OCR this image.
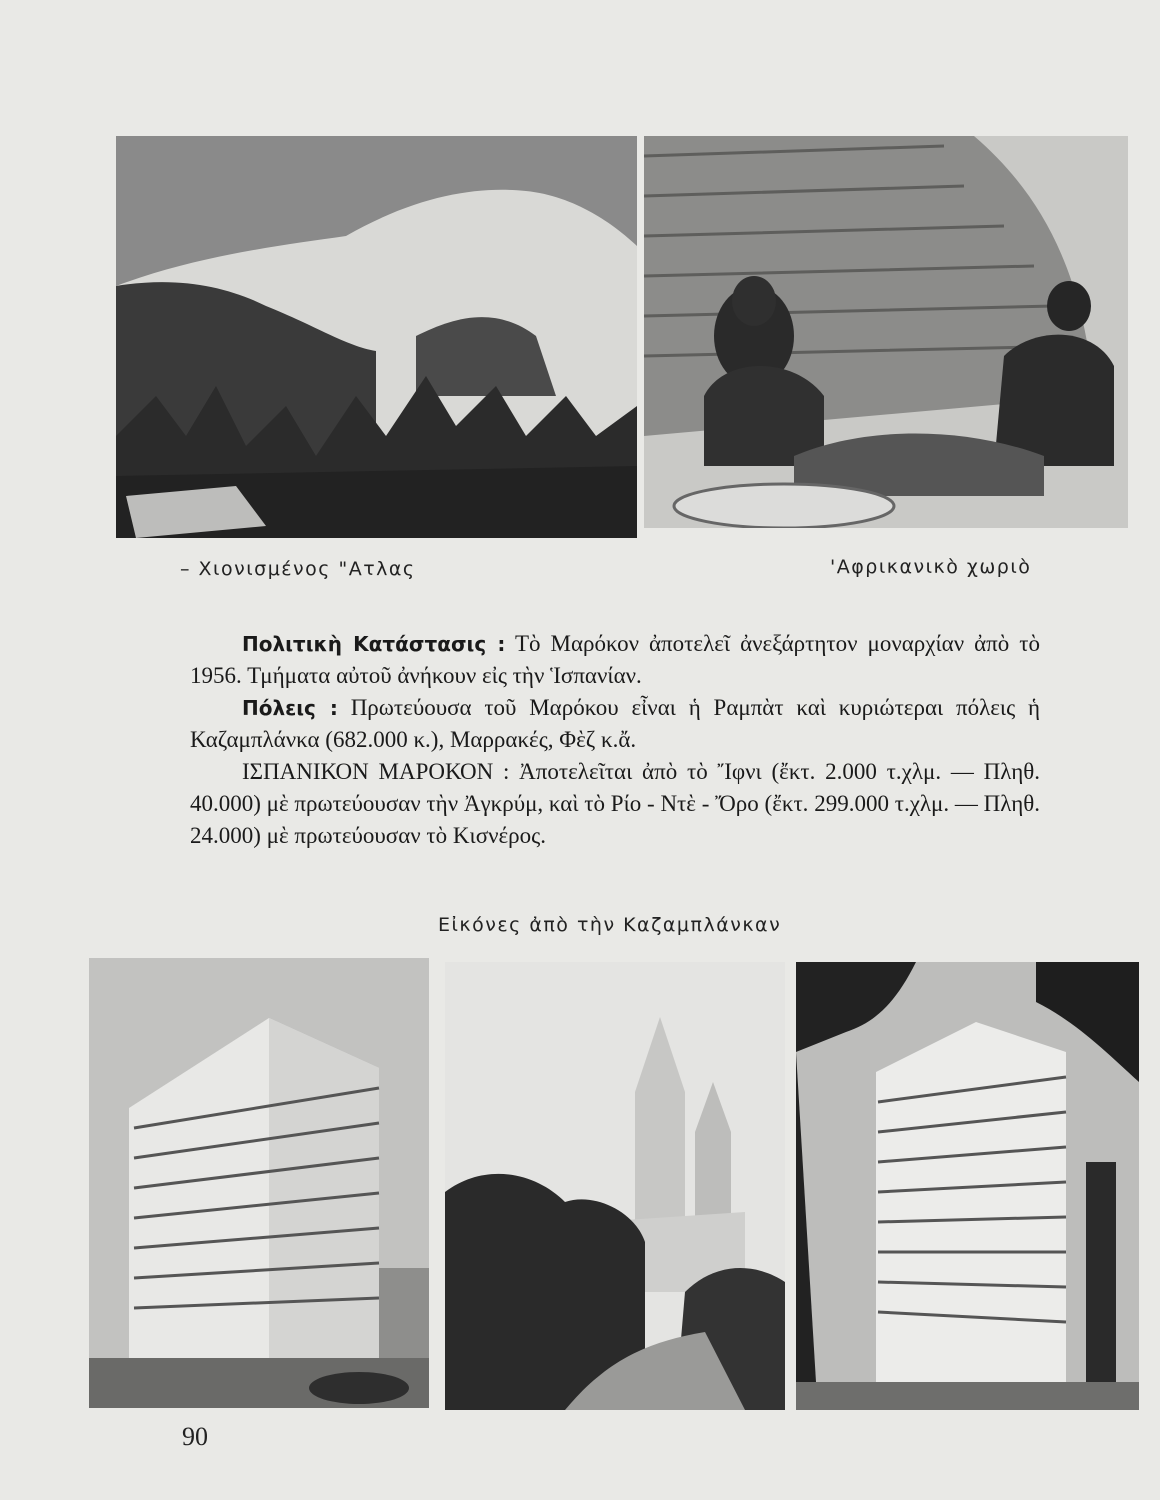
– Χιονισμένος "Ατλας	'Αφρικανικὸ χωριὸ

Πολιτικὴ Κατάστασις : Τὸ Μαρόκον ἀποτελεῖ ἀνεξάρτητον μοναρχίαν ἀπὸ τὸ 1956. Τμήματα αὐτοῦ ἀνήκουν εἰς τὴν Ἱσπανίαν.

Πόλεις : Πρωτεύουσα τοῦ Μαρόκου εἶναι ἡ Ραμπὰτ καὶ κυριώτεραι πόλεις ἡ Καζαμπλάνκα (682.000 κ.), Μαρρακές, Φὲζ κ.ἄ.

ΙΣΠΑΝΙΚΟΝ ΜΑΡΟΚΟΝ : Ἀποτελεῖται ἀπὸ τὸ Ἴφνι (ἔκτ. 2.000 τ.χλμ. — Πληθ. 40.000) μὲ πρωτεύουσαν τὴν Ἀγκρύμ, καὶ τὸ Ρίο - Ντὲ - Ὄρο (ἔκτ. 299.000 τ.χλμ. — Πληθ. 24.000) μὲ πρωτεύουσαν τὸ Κισνέρος.

Εἰκόνες ἀπὸ τὴν Καζαμπλάνκαν
90
